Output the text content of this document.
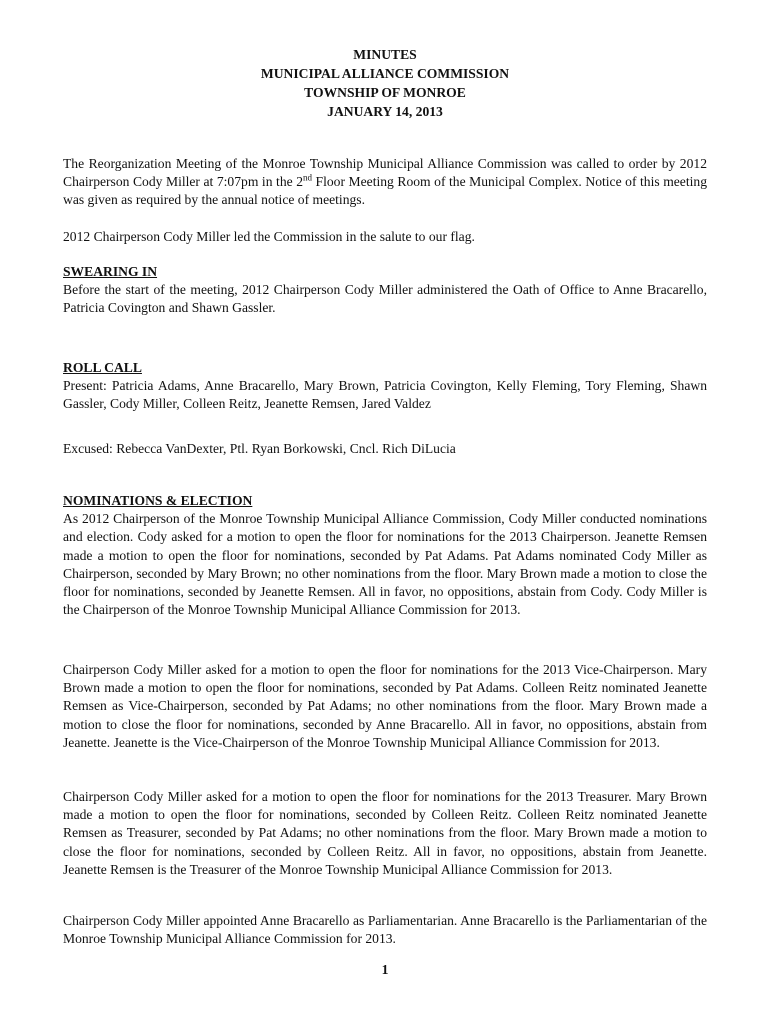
MINUTES
MUNICIPAL ALLIANCE COMMISSION
TOWNSHIP OF MONROE
JANUARY 14, 2013

The Reorganization Meeting of the Monroe Township Municipal Alliance Commission was called to order by 2012 Chairperson Cody Miller at 7:07pm in the 2nd Floor Meeting Room of the Municipal Complex. Notice of this meeting was given as required by the annual notice of meetings.

2012 Chairperson Cody Miller led the Commission in the salute to our flag.

SWEARING IN

Before the start of the meeting, 2012 Chairperson Cody Miller administered the Oath of Office to Anne Bracarello, Patricia Covington and Shawn Gassler.

ROLL CALL

Present: Patricia Adams, Anne Bracarello, Mary Brown, Patricia Covington, Kelly Fleming, Tory Fleming, Shawn Gassler, Cody Miller, Colleen Reitz, Jeanette Remsen, Jared Valdez

Excused: Rebecca VanDexter, Ptl. Ryan Borkowski, Cncl. Rich DiLucia

NOMINATIONS & ELECTION

As 2012 Chairperson of the Monroe Township Municipal Alliance Commission, Cody Miller conducted nominations and election. Cody asked for a motion to open the floor for nominations for the 2013 Chairperson. Jeanette Remsen made a motion to open the floor for nominations, seconded by Pat Adams. Pat Adams nominated Cody Miller as Chairperson, seconded by Mary Brown; no other nominations from the floor. Mary Brown made a motion to close the floor for nominations, seconded by Jeanette Remsen. All in favor, no oppositions, abstain from Cody. Cody Miller is the Chairperson of the Monroe Township Municipal Alliance Commission for 2013.

Chairperson Cody Miller asked for a motion to open the floor for nominations for the 2013 Vice-Chairperson. Mary Brown made a motion to open the floor for nominations, seconded by Pat Adams. Colleen Reitz nominated Jeanette Remsen as Vice-Chairperson, seconded by Pat Adams; no other nominations from the floor. Mary Brown made a motion to close the floor for nominations, seconded by Anne Bracarello. All in favor, no oppositions, abstain from Jeanette. Jeanette is the Vice-Chairperson of the Monroe Township Municipal Alliance Commission for 2013.

Chairperson Cody Miller asked for a motion to open the floor for nominations for the 2013 Treasurer. Mary Brown made a motion to open the floor for nominations, seconded by Colleen Reitz. Colleen Reitz nominated Jeanette Remsen as Treasurer, seconded by Pat Adams; no other nominations from the floor. Mary Brown made a motion to close the floor for nominations, seconded by Colleen Reitz. All in favor, no oppositions, abstain from Jeanette. Jeanette Remsen is the Treasurer of the Monroe Township Municipal Alliance Commission for 2013.

Chairperson Cody Miller appointed Anne Bracarello as Parliamentarian. Anne Bracarello is the Parliamentarian of the Monroe Township Municipal Alliance Commission for 2013.

1
